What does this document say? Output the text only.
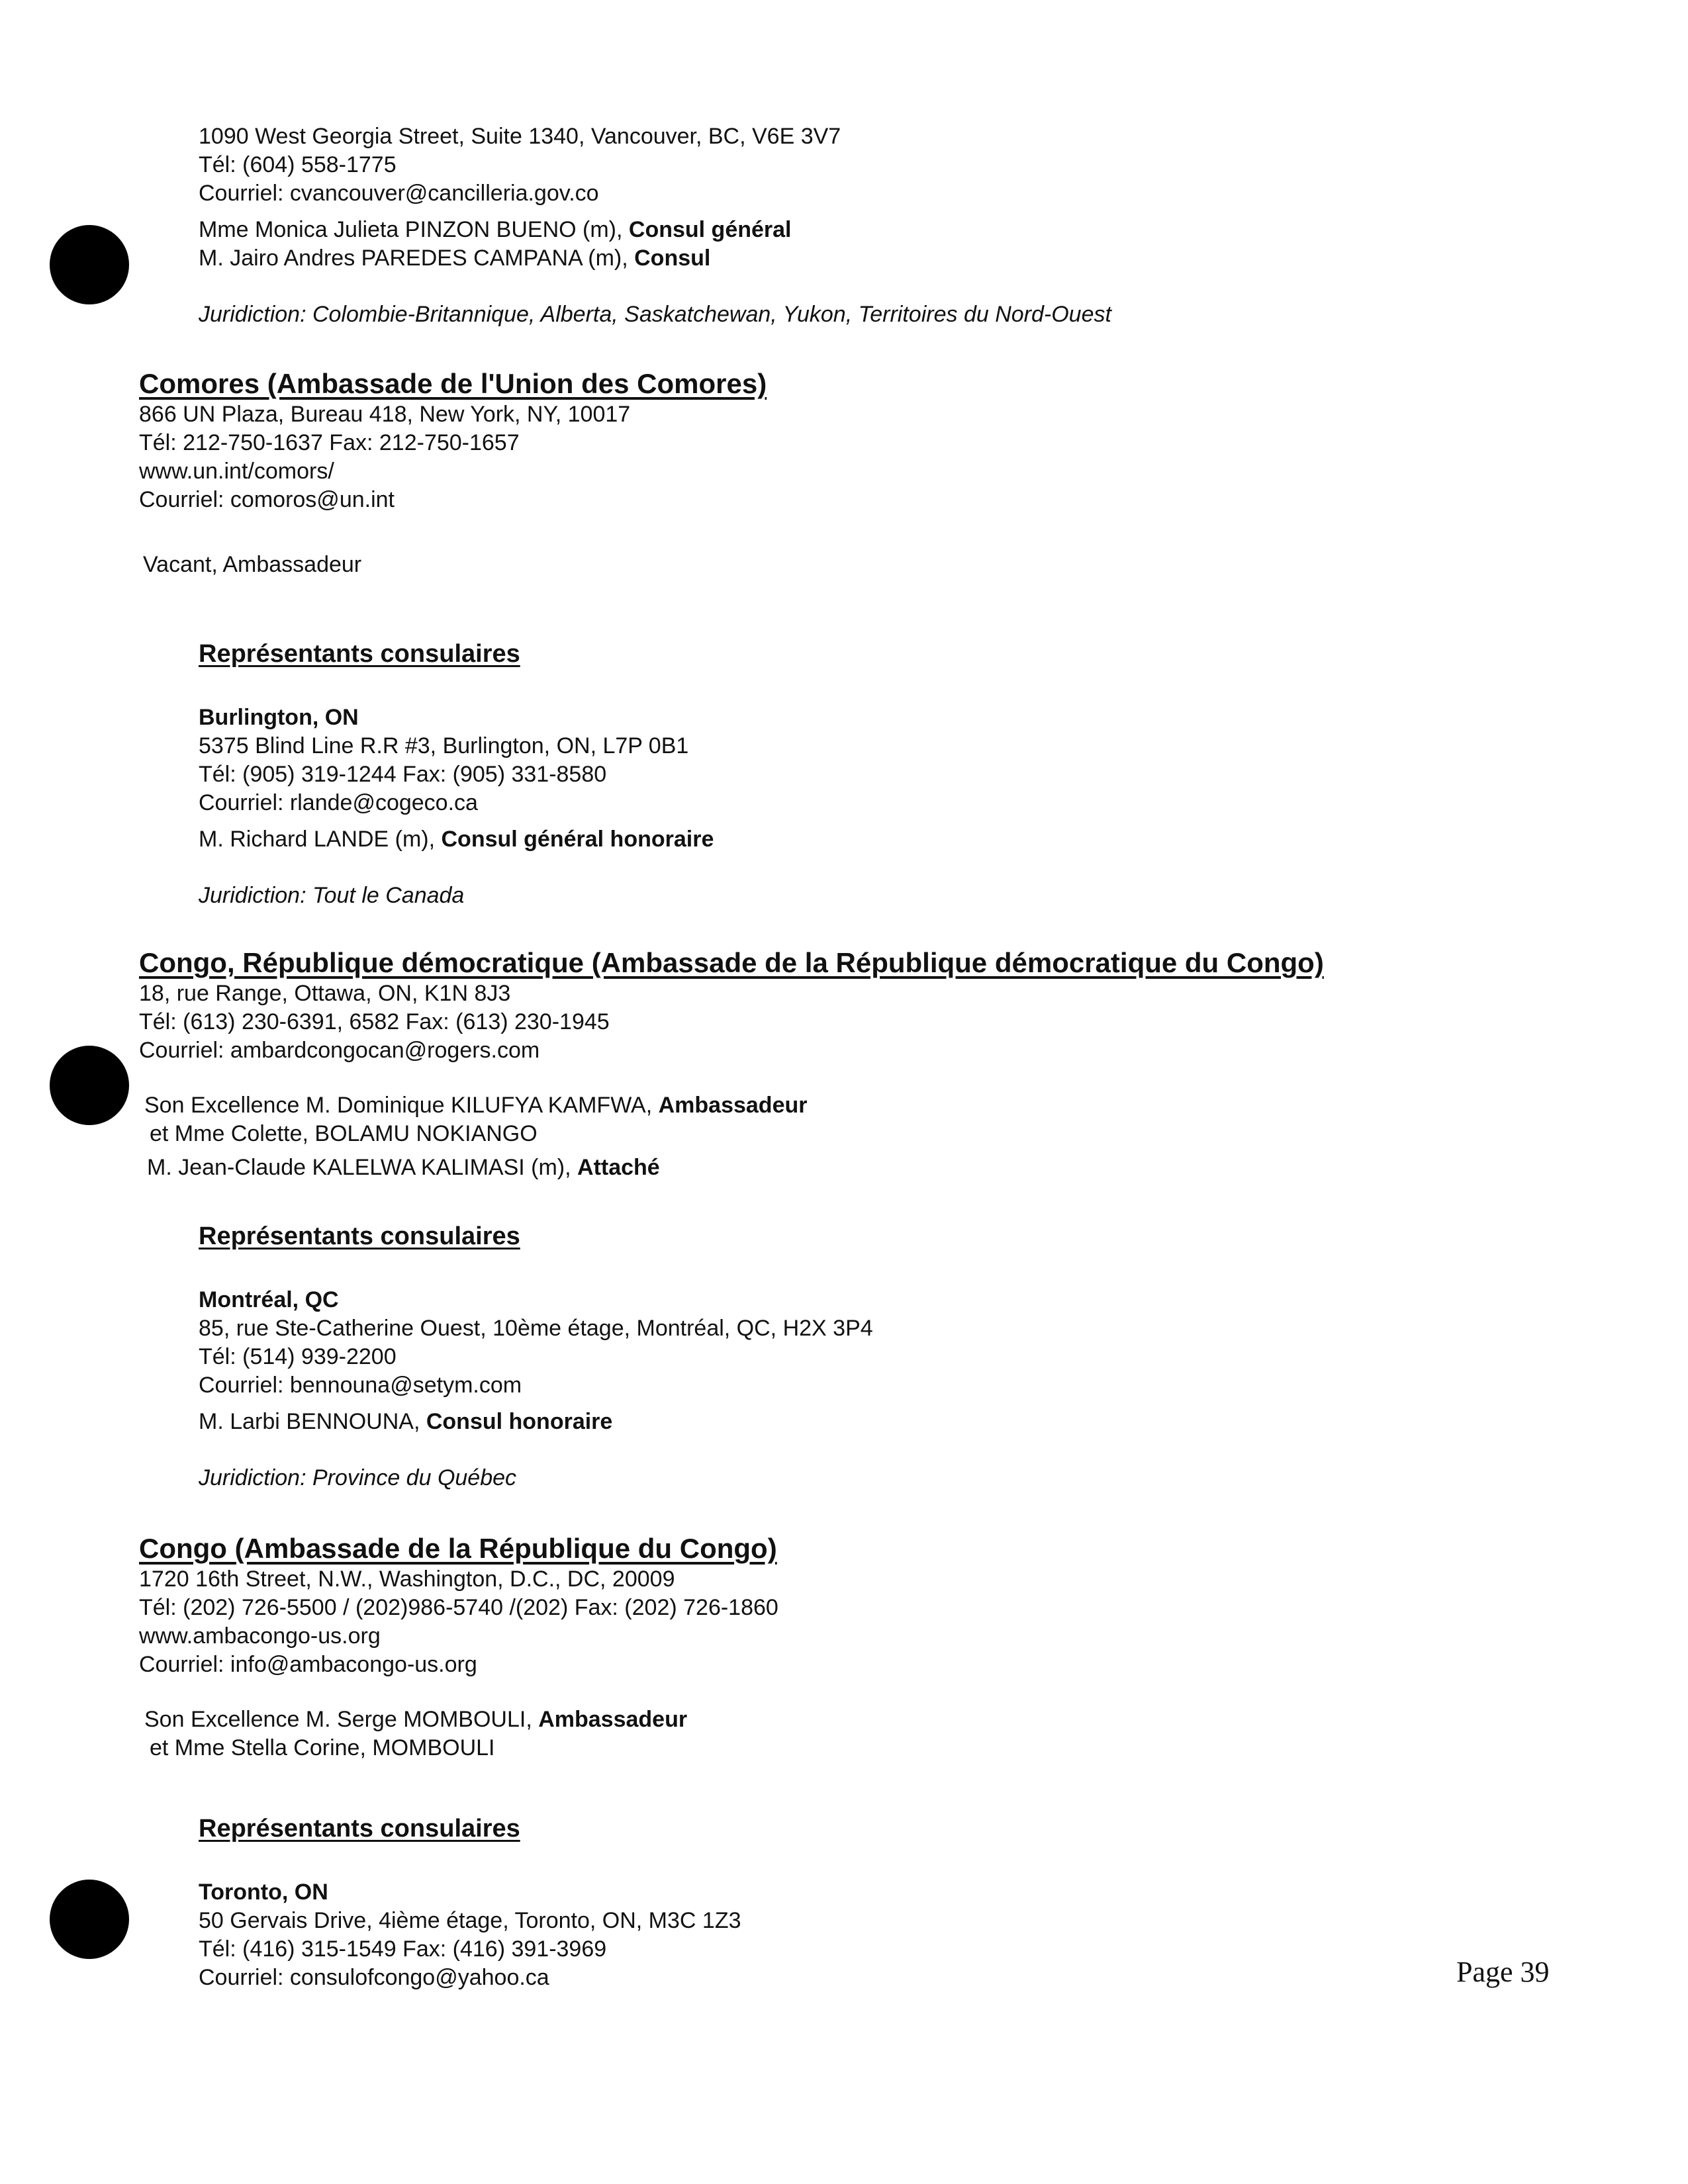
1090 West Georgia Street, Suite 1340, Vancouver, BC, V6E 3V7
Tél: (604) 558-1775
Courriel: cvancouver@cancilleria.gov.co
Mme Monica Julieta PINZON BUENO (m), Consul général
M. Jairo Andres PAREDES CAMPANA (m), Consul
Juridiction: Colombie-Britannique, Alberta, Saskatchewan, Yukon, Territoires du Nord-Ouest
Comores (Ambassade de l'Union des Comores)
866 UN Plaza, Bureau 418, New York, NY, 10017
Tél: 212-750-1637 Fax: 212-750-1657
www.un.int/comors/
Courriel: comoros@un.int
Vacant, Ambassadeur
Représentants consulaires
Burlington, ON
5375 Blind Line R.R #3, Burlington, ON, L7P 0B1
Tél: (905) 319-1244 Fax: (905) 331-8580
Courriel: rlande@cogeco.ca
M. Richard LANDE (m), Consul général honoraire
Juridiction: Tout le Canada
Congo, République démocratique (Ambassade de la République démocratique du Congo)
18, rue Range, Ottawa, ON, K1N 8J3
Tél: (613) 230-6391, 6582 Fax: (613) 230-1945
Courriel: ambardcongocan@rogers.com
Son Excellence M. Dominique KILUFYA KAMFWA, Ambassadeur
et Mme Colette, BOLAMU NOKIANGO
M. Jean-Claude KALELWA KALIMASI (m), Attaché
Représentants consulaires
Montréal, QC
85, rue Ste-Catherine Ouest, 10ème étage, Montréal, QC, H2X 3P4
Tél: (514) 939-2200
Courriel: bennouna@setym.com
M. Larbi BENNOUNA, Consul honoraire
Juridiction: Province du Québec
Congo (Ambassade de la République du Congo)
1720 16th Street, N.W., Washington, D.C., DC, 20009
Tél: (202) 726-5500 / (202)986-5740 /(202) Fax: (202) 726-1860
www.ambacongo-us.org
Courriel: info@ambacongo-us.org
Son Excellence M. Serge MOMBOULI, Ambassadeur
et Mme Stella Corine, MOMBOULI
Représentants consulaires
Toronto, ON
50 Gervais Drive, 4ième étage, Toronto, ON, M3C 1Z3
Tél: (416) 315-1549 Fax: (416) 391-3969
Courriel: consulofcongo@yahoo.ca	Page 39
